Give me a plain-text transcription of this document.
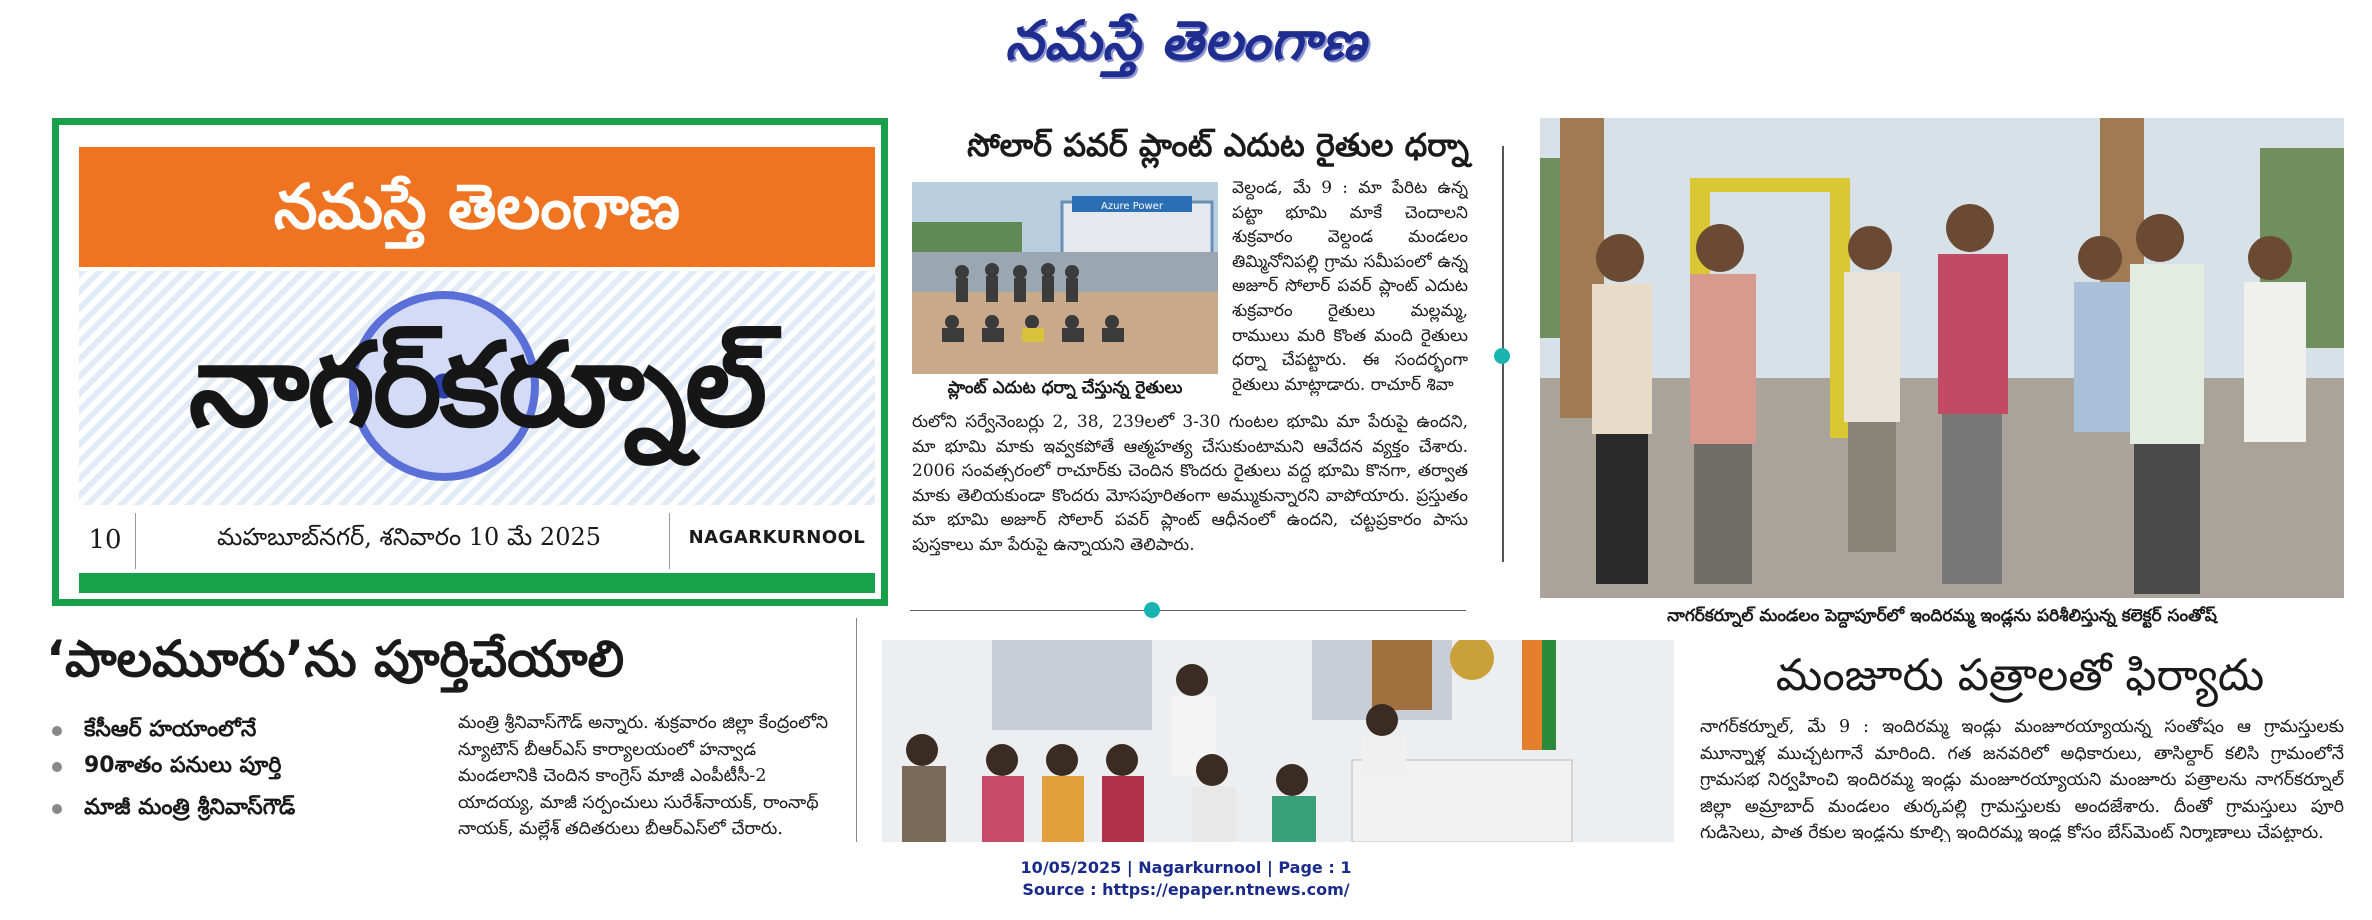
నమస్తే తెలంగాణ
నమస్తే తెలంగాణ
నాగర్‌కర్నూల్
10	మహబూబ్‌నగర్, శనివారం 10 మే 2025	NAGARKURNOOL
సోలార్ పవర్ ప్లాంట్ ఎదుట రైతుల ధర్నా
Azure Power
ప్లాంట్ ఎదుట ధర్నా చేస్తున్న రైతులు
వెల్దండ, మే 9 : మా పేరిట ఉన్న పట్టా భూమి మాకే చెందాలని శుక్రవారం వెల్దండ మండలం తిమ్మినోనిపల్లి గ్రామ సమీపంలో ఉన్న అజూర్ సోలార్ పవర్ ప్లాంట్ ఎదుట శుక్రవారం రైతులు మల్లమ్మ, రాములు మరి కొంత మంది రైతులు ధర్నా చేపట్టారు. ఈ సందర్భంగా రైతులు మాట్లాడారు. రాచూర్ శివా
రులోని సర్వేనెంబర్లు 2, 38, 239లలో 3-30 గుంటల భూమి మా పేరుపై ఉందని, మా భూమి మాకు ఇవ్వకపోతే ఆత్మహత్య చేసుకుంటామని ఆవేదన వ్యక్తం చేశారు. 2006 సంవత్సరంలో రాచూర్‌కు చెందిన కొందరు రైతులు వద్ద భూమి కొనగా, తర్వాత మాకు తెలియకుండా కొందరు మోసపూరితంగా అమ్ముకున్నారని వాపోయారు. ప్రస్తుతం మా భూమి అజూర్ సోలార్ పవర్ ప్లాంట్ ఆధీనంలో ఉందని, చట్టప్రకారం పాసు పుస్తకాలు మా పేరుపై ఉన్నాయని తెలిపారు.
నాగర్‌కర్నూల్ మండలం పెద్దాపూర్‌లో ఇందిరమ్మ ఇండ్లను పరిశీలిస్తున్న కలెక్టర్ సంతోష్
‘పాలమూరు’ను పూర్తిచేయాలి
కేసీఆర్ హయాంలోనే
90శాతం పనులు పూర్తి
మాజీ మంత్రి శ్రీనివాస్‌గౌడ్
మంత్రి శ్రీనివాస్‌గౌడ్ అన్నారు. శుక్రవారం జిల్లా కేంద్రంలోని న్యూటౌన్ బీఆర్‌ఎస్ కార్యాలయంలో హన్వాడ మండలానికి చెందిన కాంగ్రెస్ మాజీ ఎంపీటీసీ-2 యాదయ్య, మాజీ సర్పంచులు సురేశ్‌నాయక్, రాంనాథ్ నాయక్, మల్లేశ్ తదితరులు బీఆర్‌ఎస్‌లో చేరారు.
మంజూరు పత్రాలతో ఫిర్యాదు
నాగర్‌కర్నూల్, మే 9 : ఇందిరమ్మ ఇండ్లు మంజూరయ్యాయన్న సంతోషం ఆ గ్రామస్తులకు మూన్నాళ్ల ముచ్చటగానే మారింది. గత జనవరిలో అధికారులు, తాసిల్దార్ కలిసి గ్రామంలోనే గ్రామసభ నిర్వహించి ఇందిరమ్మ ఇండ్లు మంజూరయ్యాయని మంజూరు పత్రాలను నాగర్‌కర్నూల్ జిల్లా అమ్రాబాద్ మండలం తుర్కపల్లి గ్రామస్తులకు అందజేశారు. దీంతో గ్రామస్తులు పూరి గుడిసెలు, పాత రేకుల ఇండ్లను కూల్చి ఇందిరమ్మ ఇండ్ల కోసం బేస్‌మెంట్ నిర్మాణాలు చేపట్టారు.
10/05/2025 | Nagarkurnool | Page : 1
Source : https://epaper.ntnews.com/
